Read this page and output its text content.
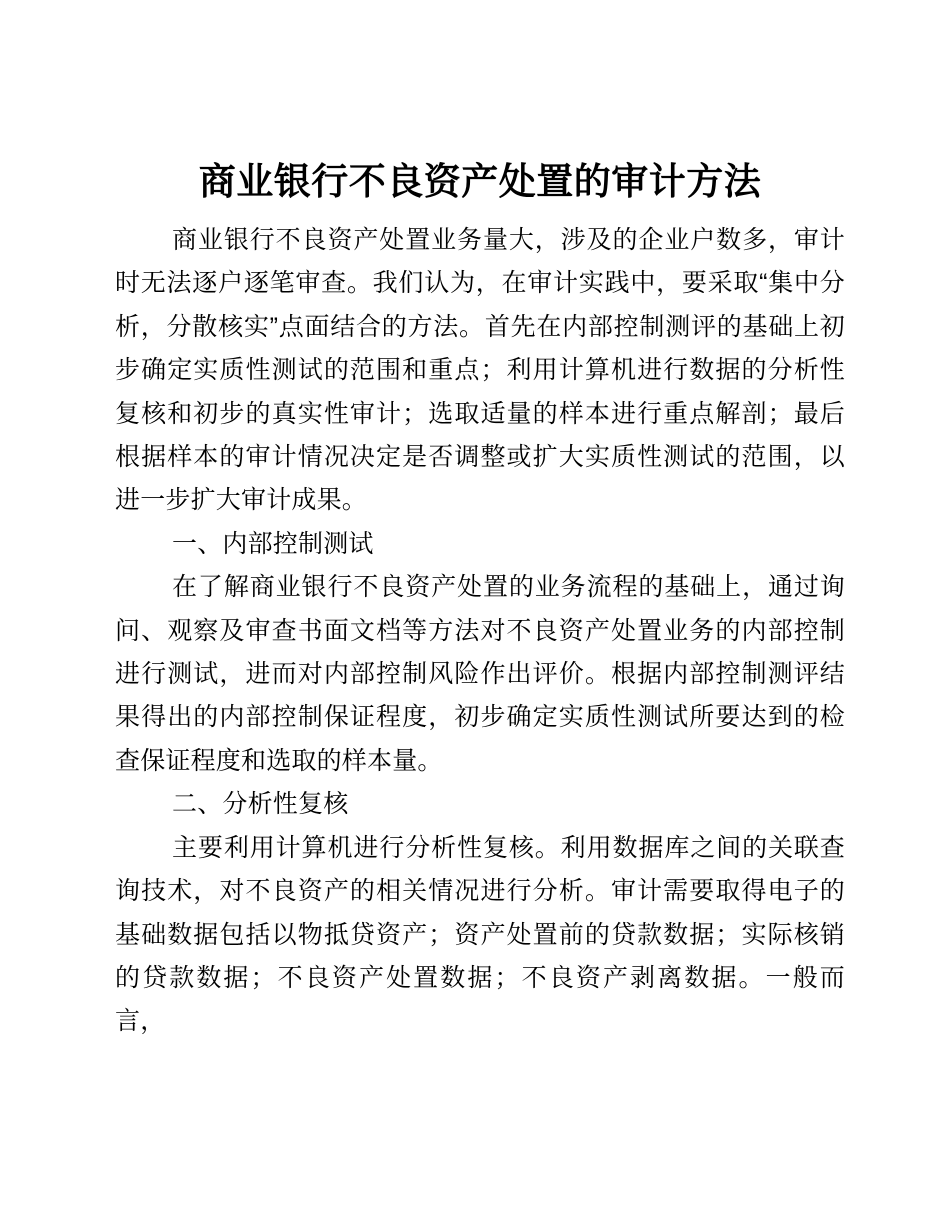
商业银行不良资产处置的审计方法

商业银行不良资产处置业务量大，涉及的企业户数多，审计时无法逐户逐笔审查。我们认为，在审计实践中，要采取“集中分析，分散核实”点面结合的方法。首先在内部控制测评的基础上初步确定实质性测试的范围和重点；利用计算机进行数据的分析性复核和初步的真实性审计；选取适量的样本进行重点解剖；最后根据样本的审计情况决定是否调整或扩大实质性测试的范围，以进一步扩大审计成果。

一、内部控制测试

在了解商业银行不良资产处置的业务流程的基础上，通过询问、观察及审查书面文档等方法对不良资产处置业务的内部控制进行测试，进而对内部控制风险作出评价。根据内部控制测评结果得出的内部控制保证程度，初步确定实质性测试所要达到的检查保证程度和选取的样本量。

二、分析性复核

主要利用计算机进行分析性复核。利用数据库之间的关联查询技术，对不良资产的相关情况进行分析。审计需要取得电子的基础数据包括以物抵贷资产；资产处置前的贷款数据；实际核销的贷款数据；不良资产处置数据；不良资产剥离数据。一般而言，
